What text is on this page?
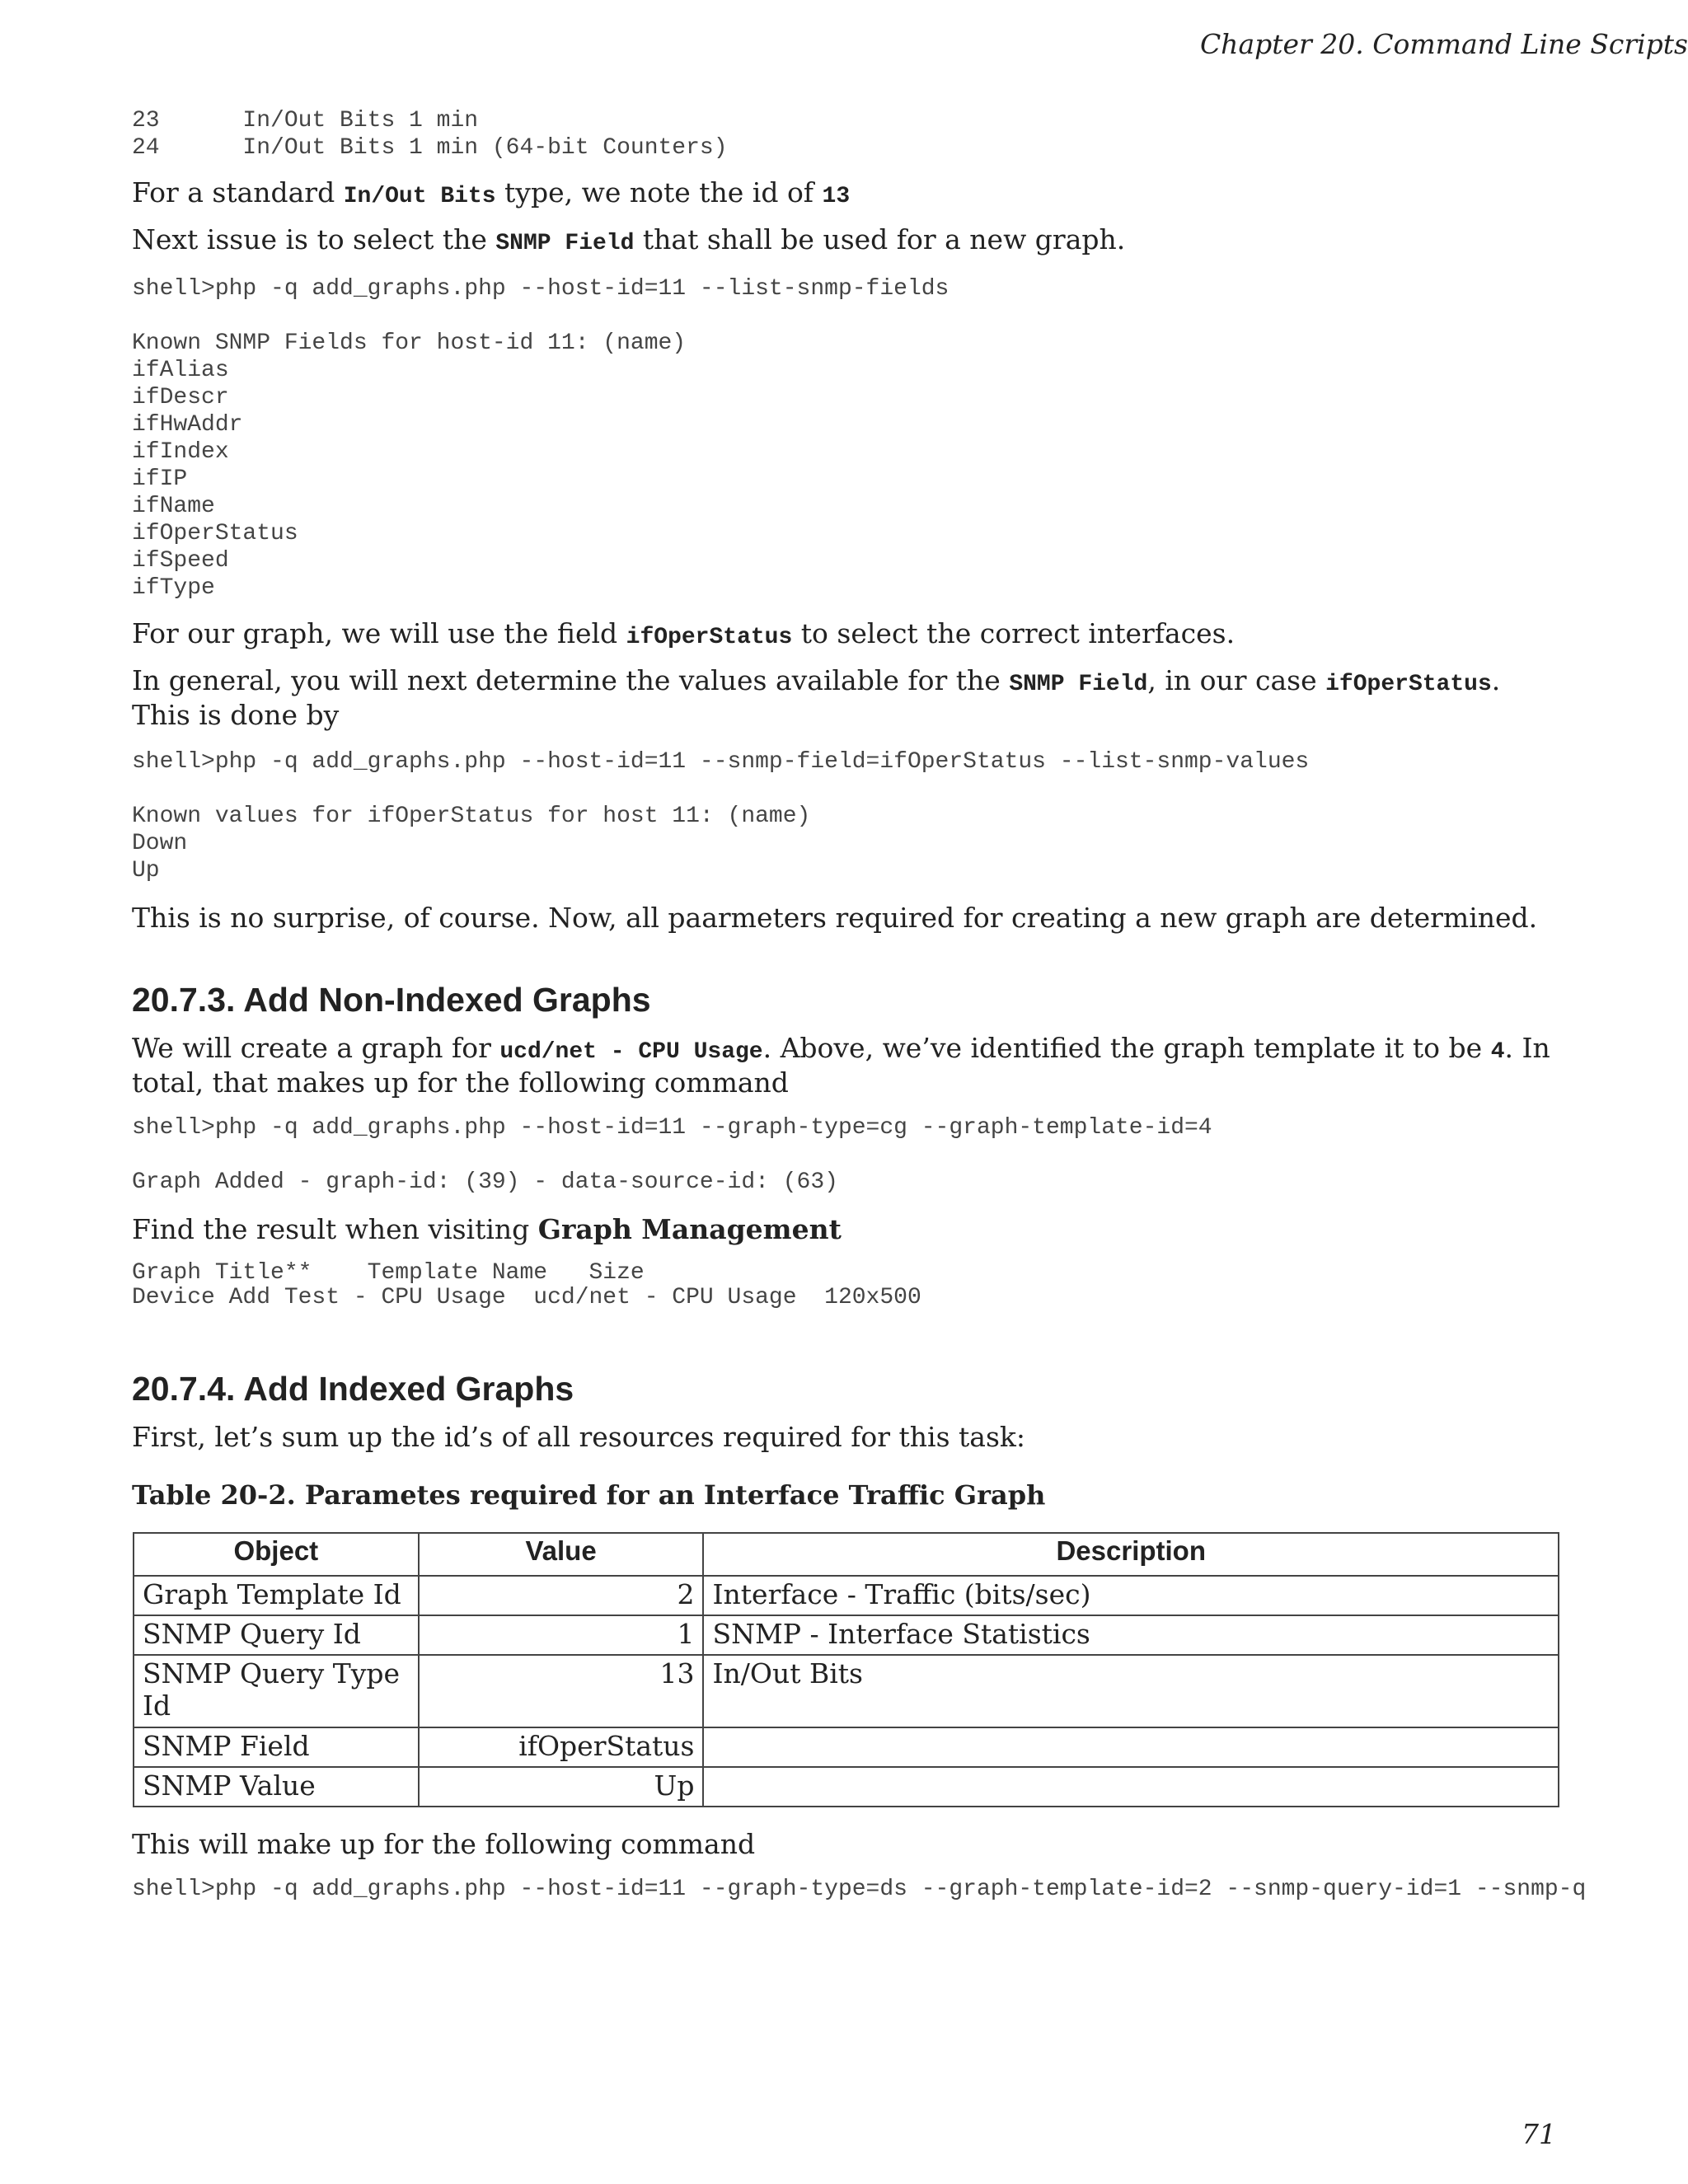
Chapter 20. Command Line Scripts
23      In/Out Bits 1 min
24      In/Out Bits 1 min (64-bit Counters)

For a standard In/Out Bits type, we note the id of 13

Next issue is to select the SNMP Field that shall be used for a new graph.

shell>php -q add_graphs.php --host-id=11 --list-snmp-fields

Known SNMP Fields for host-id 11: (name)
ifAlias
ifDescr
ifHwAddr
ifIndex
ifIP
ifName
ifOperStatus
ifSpeed
ifType

For our graph, we will use the field ifOperStatus to select the correct interfaces.

In general, you will next determine the values available for the SNMP Field, in our case ifOperStatus. This is done by

shell>php -q add_graphs.php --host-id=11 --snmp-field=ifOperStatus --list-snmp-values

Known values for ifOperStatus for host 11: (name)
Down
Up

This is no surprise, of course. Now, all paarmeters required for creating a new graph are determined.

20.7.3. Add Non-Indexed Graphs

We will create a graph for ucd/net - CPU Usage. Above, we’ve identified the graph template it to be 4. In total, that makes up for the following command

shell>php -q add_graphs.php --host-id=11 --graph-type=cg --graph-template-id=4

Graph Added - graph-id: (39) - data-source-id: (63)

Find the result when visiting Graph Management

Graph Title**    Template Name   Size
Device Add Test - CPU Usage  ucd/net - CPU Usage  120x500
20.7.4. Add Indexed Graphs

First, let’s sum up the id’s of all resources required for this task:

Table 20-2. Parametes required for an Interface Traffic Graph

Object	Value	Description
Graph Template Id	2	Interface - Traffic (bits/sec)
SNMP Query Id	1	SNMP - Interface Statistics
SNMP Query Type Id	13	In/Out Bits
SNMP Field	ifOperStatus	
SNMP Value	Up	

This will make up for the following command

shell>php -q add_graphs.php --host-id=11 --graph-type=ds --graph-template-id=2 --snmp-query-id=1 --snmp-q
71
